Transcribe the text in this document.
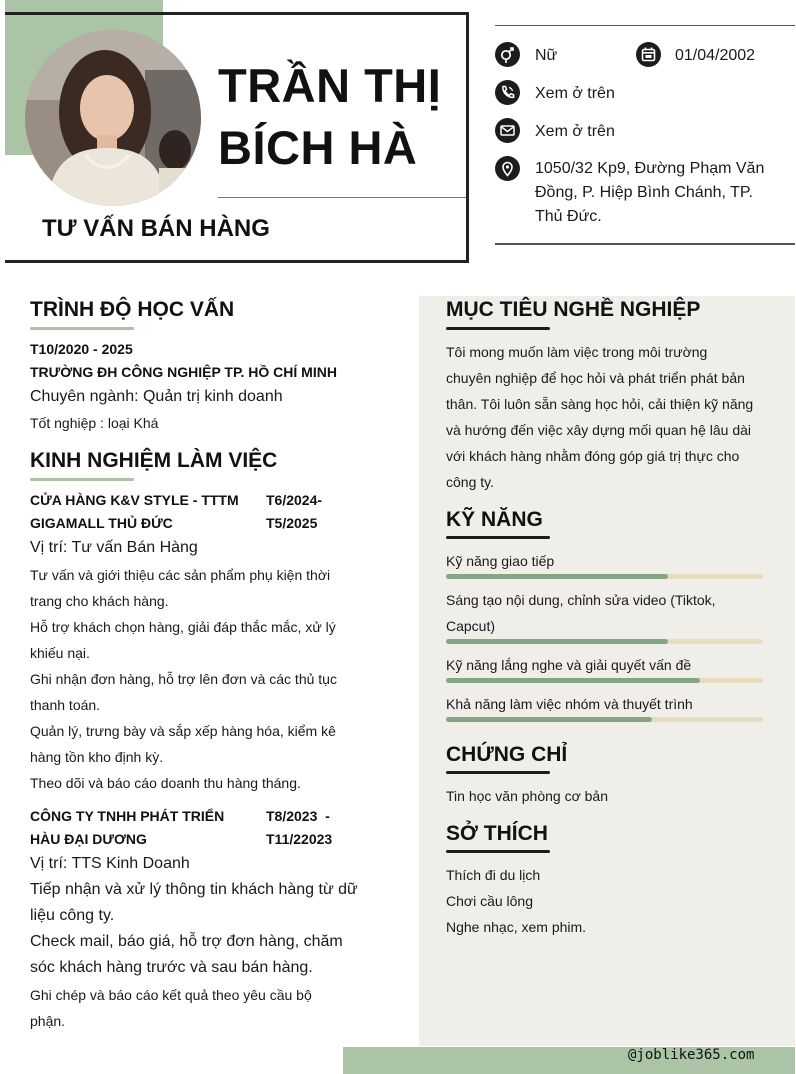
TRẦN THỊ
BÍCH HÀ
TƯ VẤN BÁN HÀNG
Nữ	01/04/2002
Xem ở trên
Xem ở trên
1050/32 Kp9, Đường Phạm Văn
Đồng, P. Hiệp Bình Chánh, TP.
Thủ Đức.
@joblike365.com
TRÌNH ĐỘ HỌC VẤN
T10/2020 - 2025
TRƯỜNG ĐH CÔNG NGHIỆP TP. HỒ CHÍ MINH
Chuyên ngành: Quản trị kinh doanh
Tốt nghiệp : loại Khá
KINH NGHIỆM LÀM VIỆC
CỬA HÀNG K&V STYLE - TTTM
GIGAMALL THỦ ĐỨC
T6/2024-
T5/2025
Vị trí: Tư vấn Bán Hàng
Tư vấn và giới thiệu các sản phẩm phụ kiện thời
trang cho khách hàng.
Hỗ trợ khách chọn hàng, giải đáp thắc mắc, xử lý
khiếu nại.
Ghi nhận đơn hàng, hỗ trợ lên đơn và các thủ tục
thanh toán.
Quản lý, trưng bày và sắp xếp hàng hóa, kiểm kê
hàng tồn kho định kỳ.
Theo dõi và báo cáo doanh thu hàng tháng.
CÔNG TY TNHH PHÁT TRIỂN
HÀU ĐẠI DƯƠNG
T8/2023  -
T11/22023
Vị trí: TTS Kinh Doanh
Tiếp nhận và xử lý thông tin khách hàng từ dữ
liệu công ty.
Check mail, báo giá, hỗ trợ đơn hàng, chăm
sóc khách hàng trước và sau bán hàng.
Ghi chép và báo cáo kết quả theo yêu cầu bộ
phận.
MỤC TIÊU NGHỀ NGHIỆP
Tôi mong muốn làm việc trong môi trường
chuyên nghiệp để học hỏi và phát triển phát bản
thân. Tôi luôn sẵn sàng học hỏi, cải thiện kỹ năng
và hướng đến việc xây dựng mối quan hệ lâu dài
với khách hàng nhằm đóng góp giá trị thực cho
công ty.
KỸ NĂNG
Kỹ năng giao tiếp
Sáng tạo nội dung, chỉnh sửa video (Tiktok,
Capcut)
Kỹ năng lắng nghe và giải quyết vấn đề
Khả năng làm việc nhóm và thuyết trình
CHỨNG CHỈ
Tin học văn phòng cơ bản
SỞ THÍCH
Thích đi du lịch
Chơi cầu lông
Nghe nhạc, xem phim.
